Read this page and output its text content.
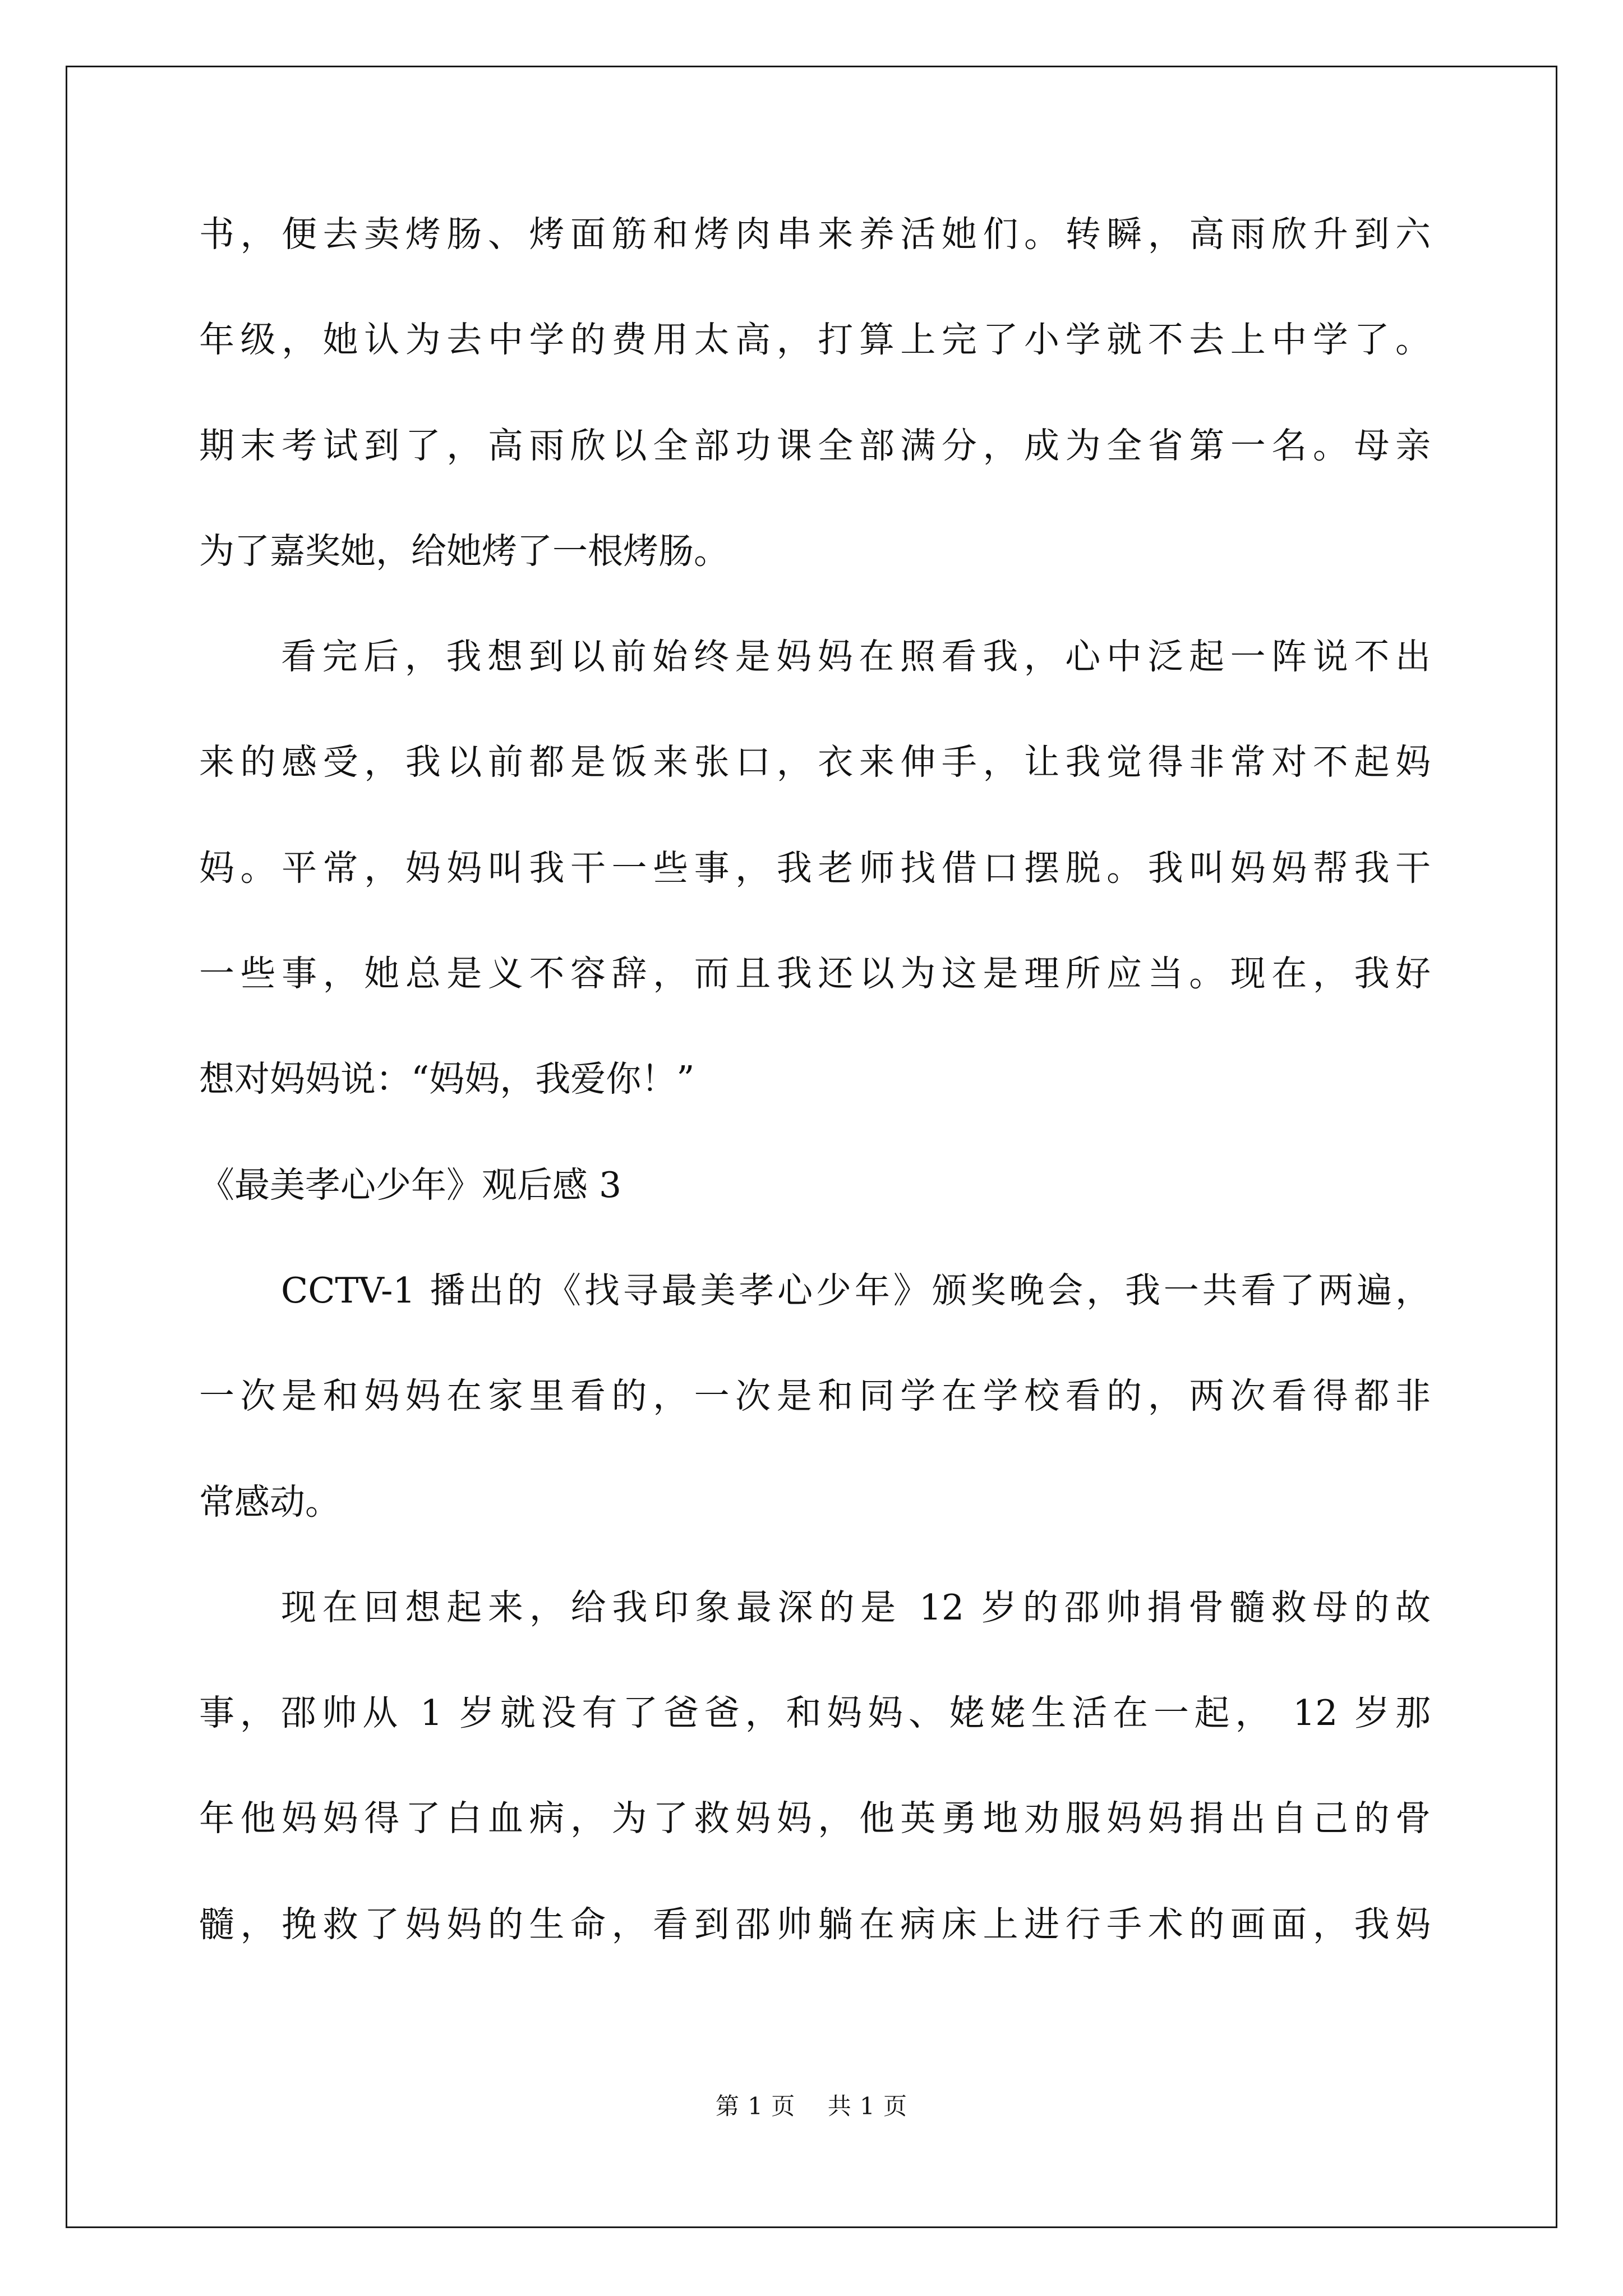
书，便去卖烤肠、烤面筋和烤肉串来养活她们。转瞬，高雨欣升到六
年级，她认为去中学的费用太高，打算上完了小学就不去上中学了。
期末考试到了，高雨欣以全部功课全部满分，成为全省第一名。母亲
为了嘉奖她，给她烤了一根烤肠。
看完后，我想到以前始终是妈妈在照看我，心中泛起一阵说不出
来的感受，我以前都是饭来张口，衣来伸手，让我觉得非常对不起妈
妈。平常，妈妈叫我干一些事，我老师找借口摆脱。我叫妈妈帮我干
一些事，她总是义不容辞，而且我还以为这是理所应当。现在，我好
想对妈妈说：“妈妈，我爱你！”
《最美孝心少年》观后感 3
CCTV-1 播出的《找寻最美孝心少年》颁奖晚会，我一共看了两遍，
一次是和妈妈在家里看的，一次是和同学在学校看的，两次看得都非
常感动。
现在回想起来，给我印象最深的是 12 岁的邵帅捐骨髓救母的故
事，邵帅从 1 岁就没有了爸爸，和妈妈、姥姥生活在一起， 12 岁那
年他妈妈得了白血病，为了救妈妈，他英勇地劝服妈妈捐出自己的骨
髓，挽救了妈妈的生命，看到邵帅躺在病床上进行手术的画面，我妈
第 1 页 共 1 页
